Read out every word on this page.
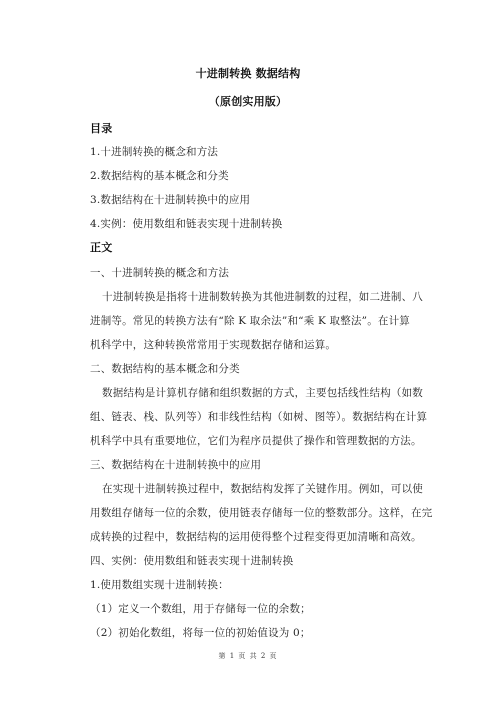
十进制转换 数据结构
（原创实用版）
目录
1.十进制转换的概念和方法
2.数据结构的基本概念和分类
3.数据结构在十进制转换中的应用
4.实例：使用数组和链表实现十进制转换
正文
一、十进制转换的概念和方法
十进制转换是指将十进制数转换为其他进制数的过程，如二进制、八
进制等。常见的转换方法有“除 K 取余法”和“乘 K 取整法”。在计算
机科学中，这种转换常常用于实现数据存储和运算。
二、数据结构的基本概念和分类
数据结构是计算机存储和组织数据的方式，主要包括线性结构（如数
组、链表、栈、队列等）和非线性结构（如树、图等）。数据结构在计算
机科学中具有重要地位，它们为程序员提供了操作和管理数据的方法。
三、数据结构在十进制转换中的应用
在实现十进制转换过程中，数据结构发挥了关键作用。例如，可以使
用数组存储每一位的余数，使用链表存储每一位的整数部分。这样，在完
成转换的过程中，数据结构的运用使得整个过程变得更加清晰和高效。
四、实例：使用数组和链表实现十进制转换
1.使用数组实现十进制转换：
（1）定义一个数组，用于存储每一位的余数；
（2）初始化数组，将每一位的初始值设为 0；
第 1 页 共 2 页
